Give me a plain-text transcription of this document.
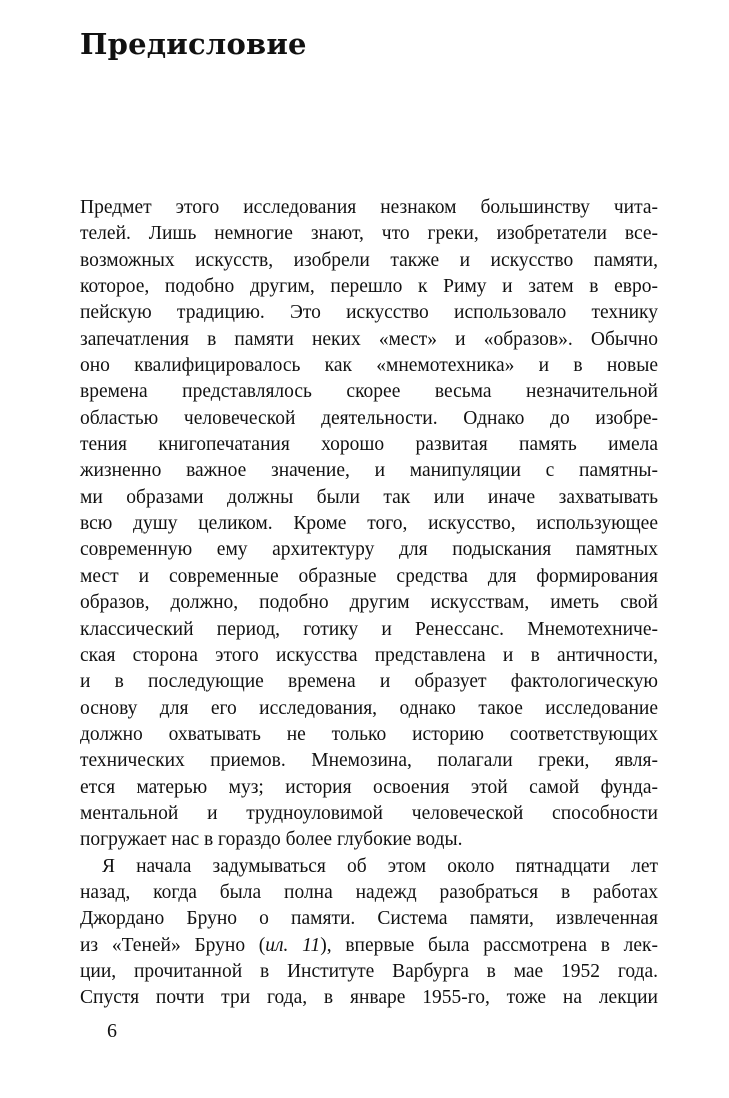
Предисловие
Предмет этого исследования незнаком большинству чита-
телей. Лишь немногие знают, что греки, изобретатели все-
возможных искусств, изобрели также и искусство памяти,
которое, подобно другим, перешло к Риму и затем в евро-
пейскую традицию. Это искусство использовало технику
запечатления в памяти неких «мест» и «образов». Обычно
оно квалифицировалось как «мнемотехника» и в новые
времена представлялось скорее весьма незначительной
областью человеческой деятельности. Однако до изобре-
тения книгопечатания хорошо развитая память имела
жизненно важное значение, и манипуляции с памятны-
ми образами должны были так или иначе захватывать
всю душу целиком. Кроме того, искусство, использующее
современную ему архитектуру для подыскания памятных
мест и современные образные средства для формирования
образов, должно, подобно другим искусствам, иметь свой
классический период, готику и Ренессанс. Мнемотехниче-
ская сторона этого искусства представлена и в античности,
и в последующие времена и образует фактологическую
основу для его исследования, однако такое исследование
должно охватывать не только историю соответствующих
технических приемов. Мнемозина, полагали греки, явля-
ется матерью муз; история освоения этой самой фунда-
ментальной и трудноуловимой человеческой способности
погружает нас в гораздо более глубокие воды.
Я начала задумываться об этом около пятнадцати лет
назад, когда была полна надежд разобраться в работах
Джордано Бруно о памяти. Система памяти, извлеченная
из «Теней» Бруно (ил. 11), впервые была рассмотрена в лек-
ции, прочитанной в Институте Варбурга в мае 1952 года.
Спустя почти три года, в январе 1955-го, тоже на лекции
6
